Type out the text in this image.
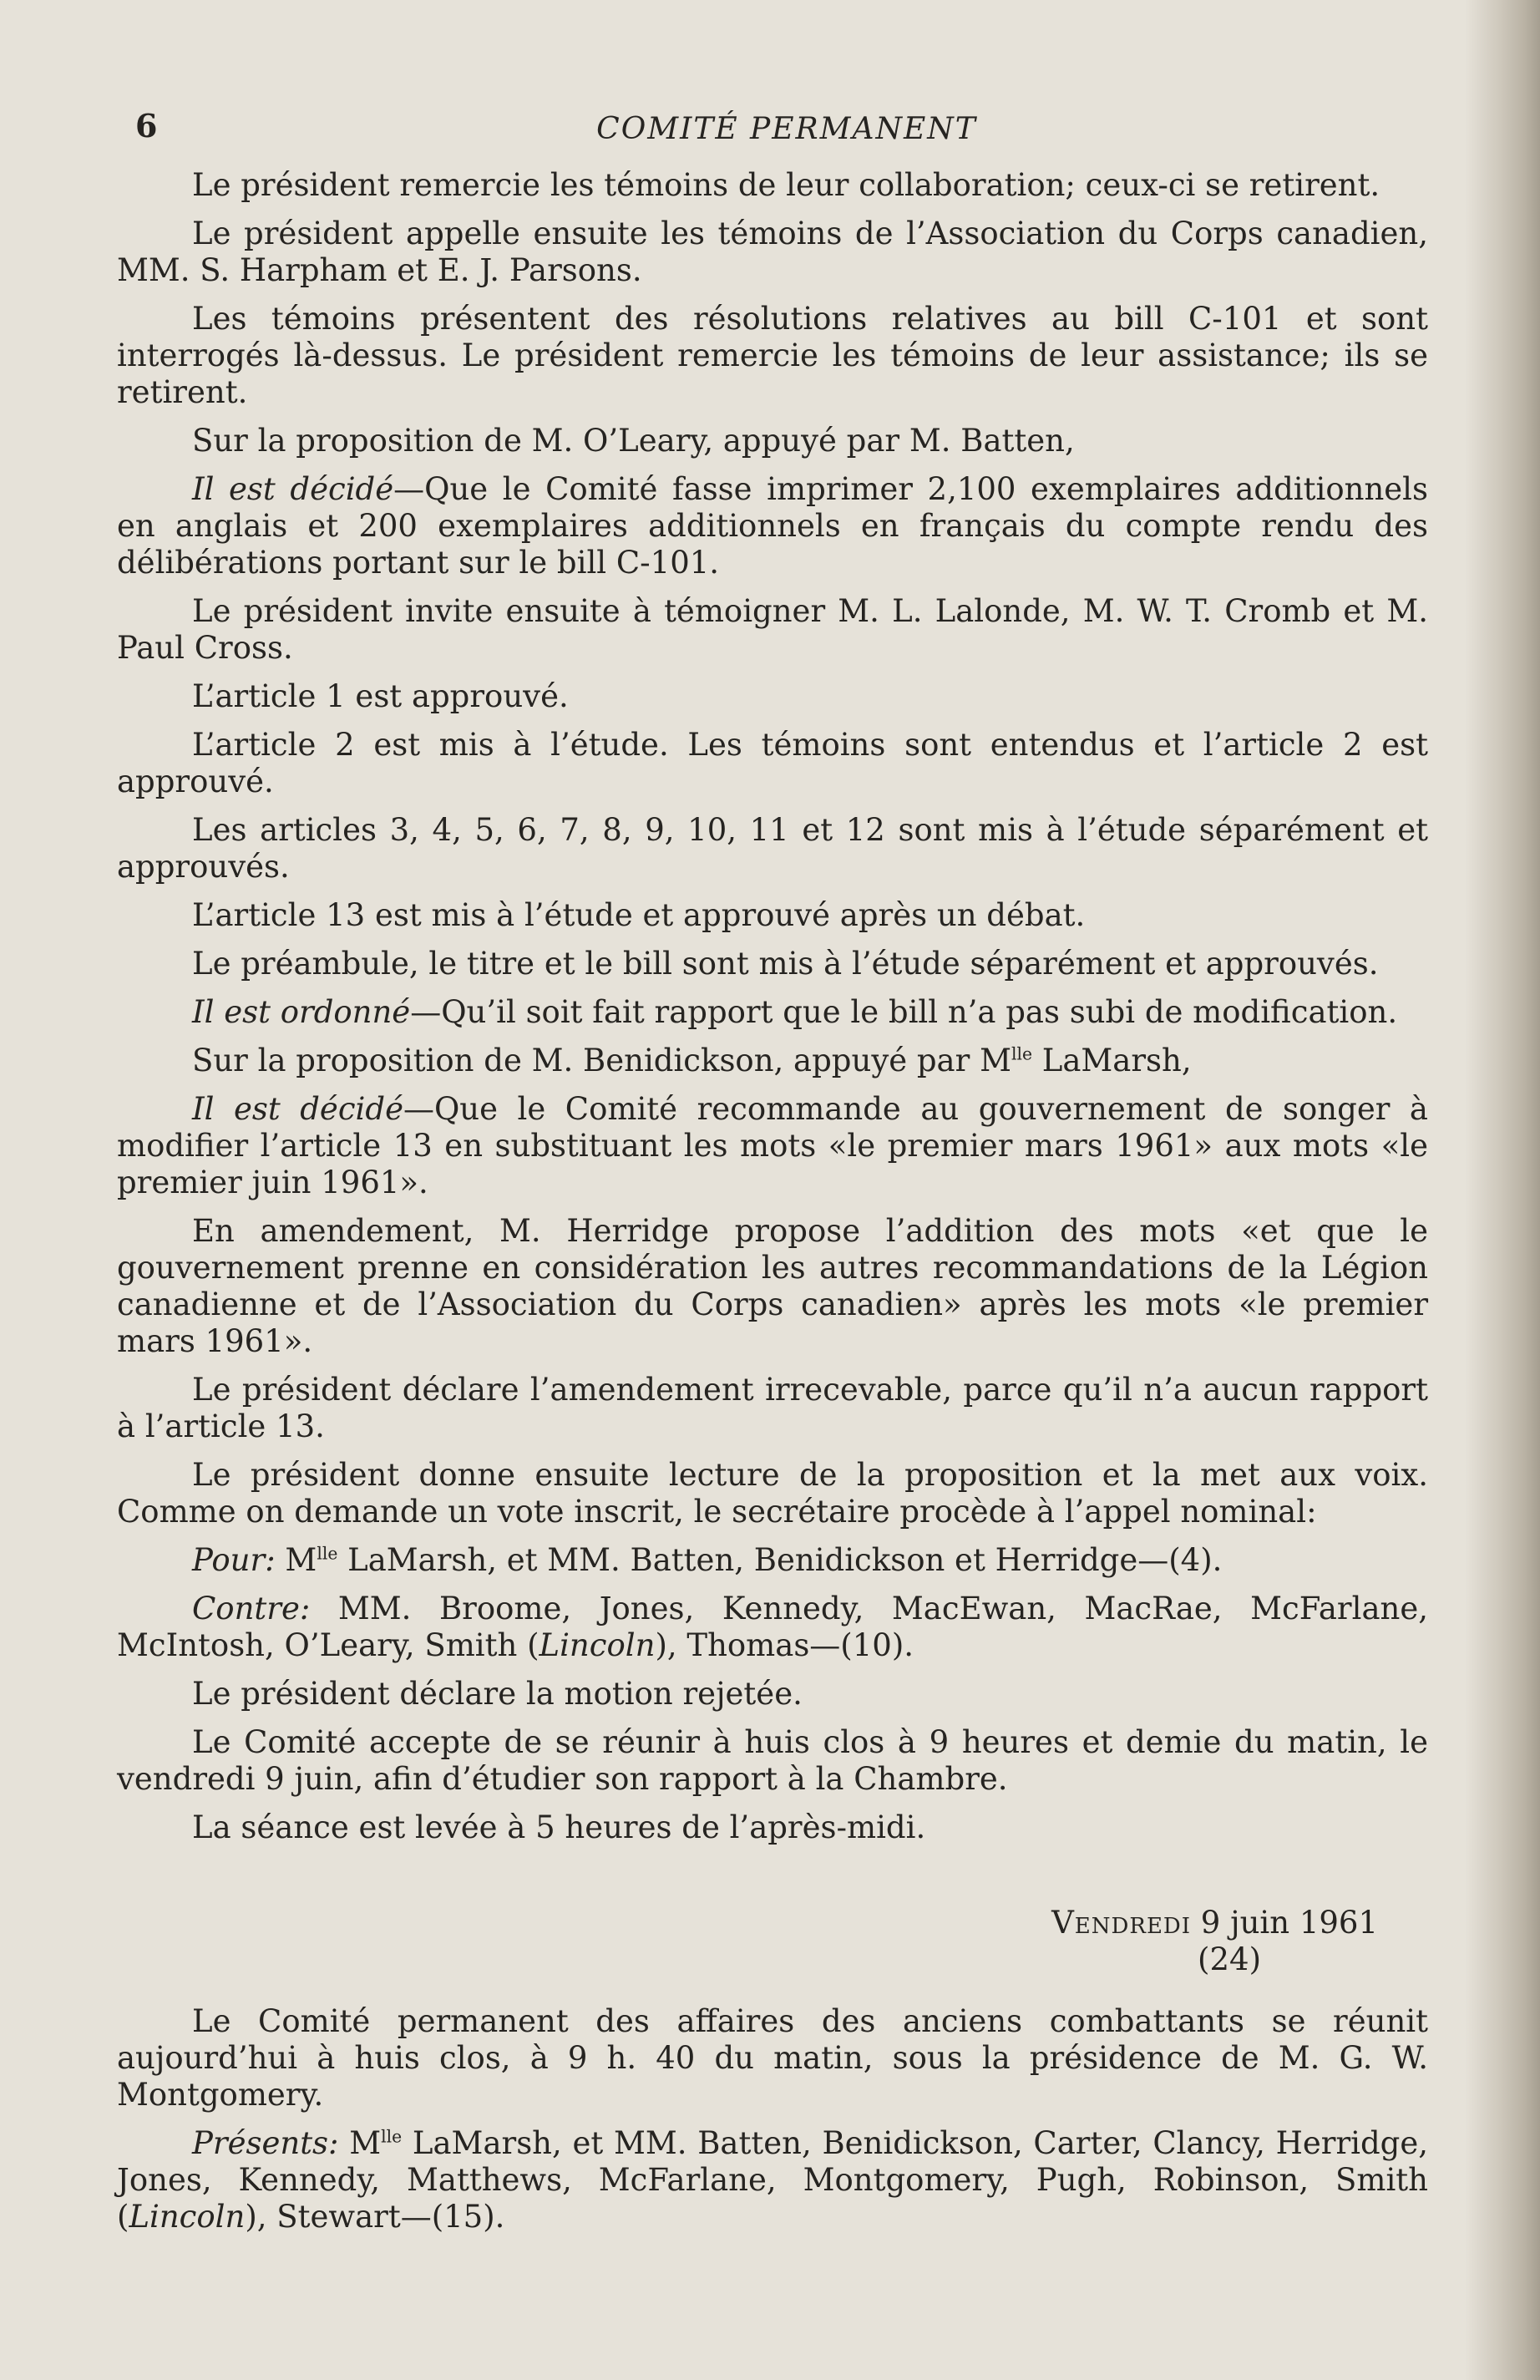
6	COMITÉ PERMANENT

Le président remercie les témoins de leur collaboration; ceux-ci se retirent.

Le président appelle ensuite les témoins de l’Association du Corps canadien, MM. S. Harpham et E. J. Parsons.

Les témoins présentent des résolutions relatives au bill C-101 et sont interrogés là-dessus. Le président remercie les témoins de leur assistance; ils se retirent.

Sur la proposition de M. O’Leary, appuyé par M. Batten,

Il est décidé—Que le Comité fasse imprimer 2,100 exemplaires additionnels en anglais et 200 exemplaires additionnels en français du compte rendu des délibérations portant sur le bill C-101.

Le président invite ensuite à témoigner M. L. Lalonde, M. W. T. Cromb et M. Paul Cross.

L’article 1 est approuvé.

L’article 2 est mis à l’étude. Les témoins sont entendus et l’article 2 est approuvé.

Les articles 3, 4, 5, 6, 7, 8, 9, 10, 11 et 12 sont mis à l’étude séparément et approuvés.

L’article 13 est mis à l’étude et approuvé après un débat.

Le préambule, le titre et le bill sont mis à l’étude séparément et approuvés.

Il est ordonné—Qu’il soit fait rapport que le bill n’a pas subi de modification.

Sur la proposition de M. Benidickson, appuyé par $M^{lle}$ LaMarsh,

Il est décidé—Que le Comité recommande au gouvernement de songer à modifier l’article 13 en substituant les mots «le premier mars 1961» aux mots «le premier juin 1961».

En amendement, M. Herridge propose l’addition des mots «et que le gouvernement prenne en considération les autres recommandations de la Légion canadienne et de l’Association du Corps canadien» après les mots «le premier mars 1961».

Le président déclare l’amendement irrecevable, parce qu’il n’a aucun rapport à l’article 13.

Le président donne ensuite lecture de la proposition et la met aux voix. Comme on demande un vote inscrit, le secrétaire procède à l’appel nominal:

Pour: $M^{lle}$ LaMarsh, et MM. Batten, Benidickson et Herridge—(4).

Contre: MM. Broome, Jones, Kennedy, MacEwan, MacRae, McFarlane, McIntosh, O’Leary, Smith (Lincoln), Thomas—(10).

Le président déclare la motion rejetée.

Le Comité accepte de se réunir à huis clos à 9 heures et demie du matin, le vendredi 9 juin, afin d’étudier son rapport à la Chambre.

La séance est levée à 5 heures de l’après-midi.

Vendredi 9 juin 1961
(24)

Le Comité permanent des affaires des anciens combattants se réunit aujourd’hui à huis clos, à 9 h. 40 du matin, sous la présidence de M. G. W. Montgomery.

Présents: $M^{lle}$ LaMarsh, et MM. Batten, Benidickson, Carter, Clancy, Herridge, Jones, Kennedy, Matthews, McFarlane, Montgomery, Pugh, Robinson, Smith (Lincoln), Stewart—(15).
